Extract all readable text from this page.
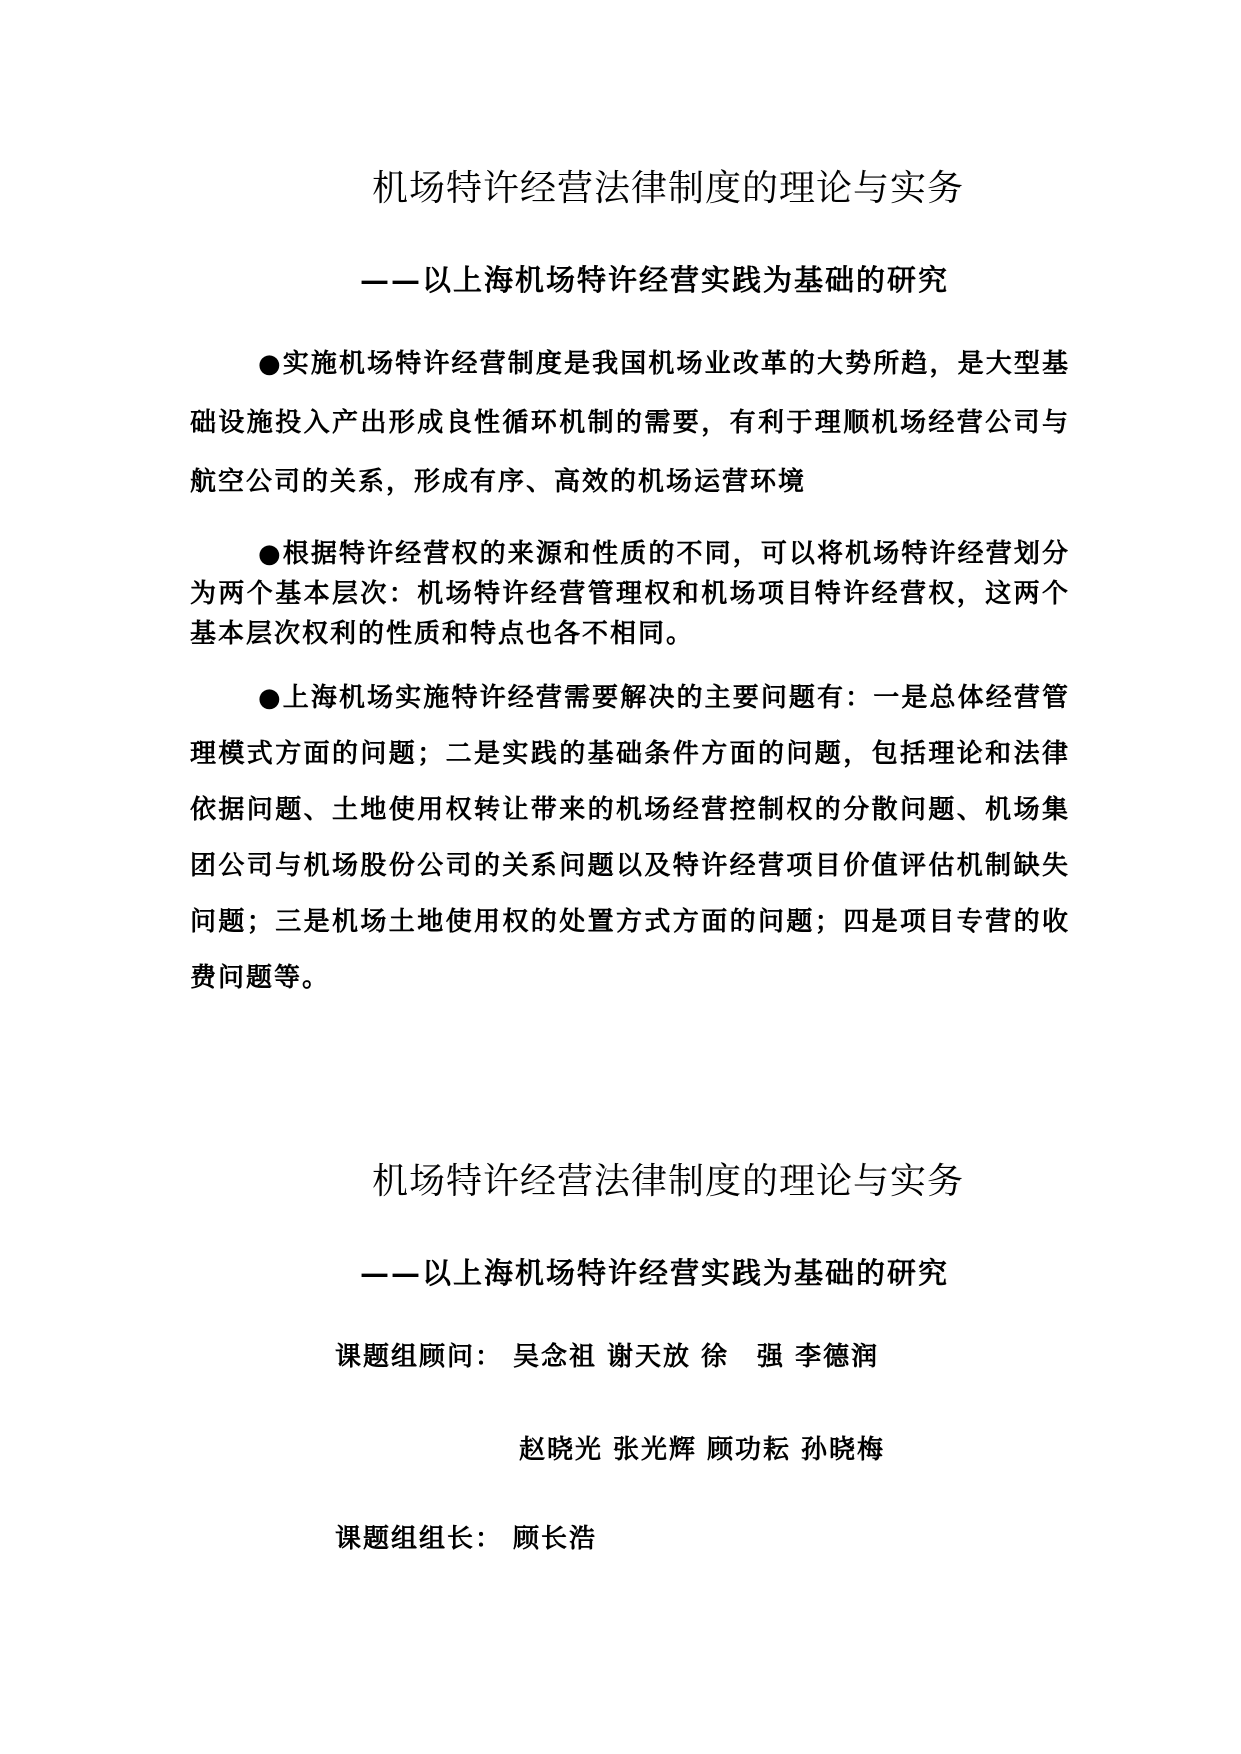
机场特许经营法律制度的理论与实务
——以上海机场特许经营实践为基础的研究
●实施机场特许经营制度是我国机场业改革的大势所趋，是大型基础设施投入产出形成良性循环机制的需要，有利于理顺机场经营公司与航空公司的关系，形成有序、高效的机场运营环境
●根据特许经营权的来源和性质的不同，可以将机场特许经营划分为两个基本层次：机场特许经营管理权和机场项目特许经营权，这两个基本层次权利的性质和特点也各不相同。
●上海机场实施特许经营需要解决的主要问题有：一是总体经营管理模式方面的问题；二是实践的基础条件方面的问题，包括理论和法律依据问题、土地使用权转让带来的机场经营控制权的分散问题、机场集团公司与机场股份公司的关系问题以及特许经营项目价值评估机制缺失问题；三是机场土地使用权的处置方式方面的问题；四是项目专营的收费问题等。
机场特许经营法律制度的理论与实务
——以上海机场特许经营实践为基础的研究
课题组顾问： 吴念祖 谢天放 徐　强 李德润
赵晓光 张光辉 顾功耘 孙晓梅
课题组组长： 顾长浩
